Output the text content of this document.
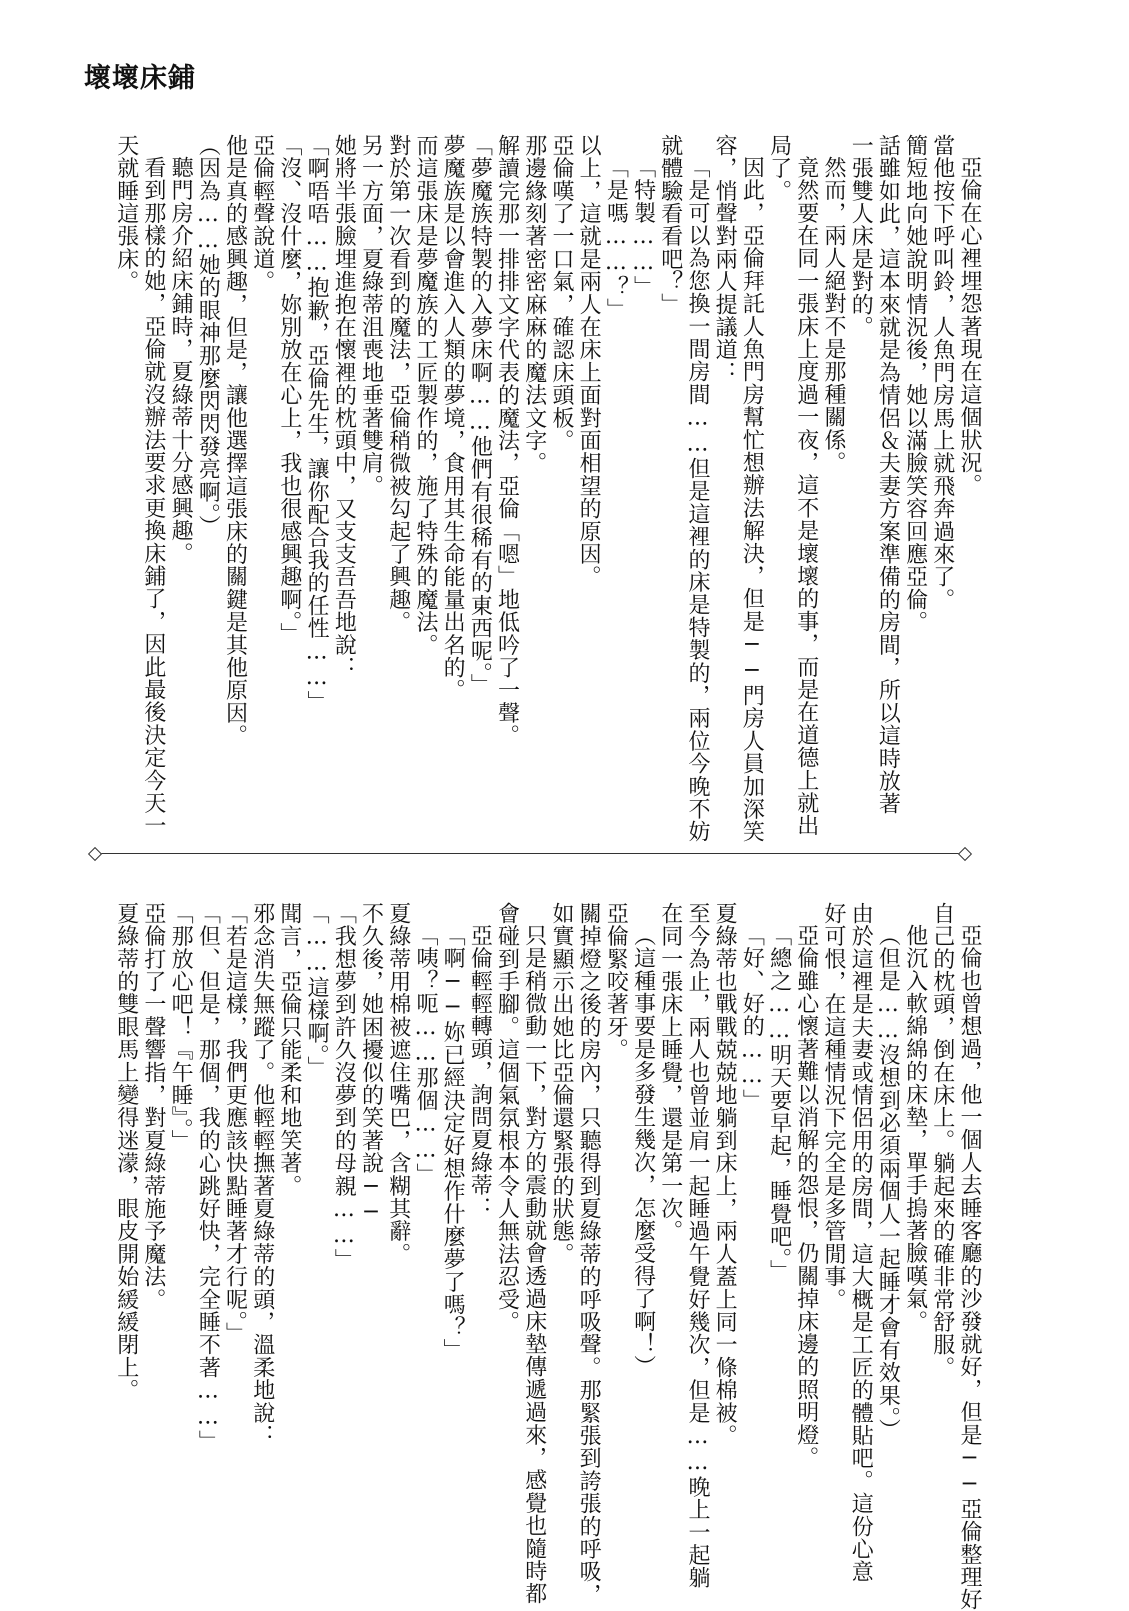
壞壞床鋪

亞倫在心裡埋怨著現在這個狀況。

當他按下呼叫鈴，人魚門房馬上就飛奔過來了。

簡短地向她說明情況後，她以滿臉笑容回應亞倫。

話雖如此，這本來就是為情侶＆夫妻方案準備的房間，所以這時放著

一張雙人床是對的。

然而，兩人絕對不是那種關係。

竟然要在同一張床上度過一夜，這不是壞壞的事，而是在道德上就出

局了。

因此，亞倫拜託人魚門房幫忙想辦法解決，但是──門房人員加深笑

容，悄聲對兩人提議道：

「是可以為您換一間房間……但是這裡的床是特製的，兩位今晚不妨

就體驗看看吧？」

「特製……」

「是嗎……？」

以上，這就是兩人在床上面對面相望的原因。

亞倫嘆了一口氣，確認床頭板。

那邊緣刻著密密麻麻的魔法文字。

解讀完那一排排文字代表的魔法，亞倫「嗯」地低吟了一聲。

「夢魔族特製的入夢床啊……他們有很稀有的東西呢。」

夢魔族是以會進入人類的夢境，食用其生命能量出名的。

而這張床是夢魔族的工匠製作的，施了特殊的魔法。

對於第一次看到的魔法，亞倫稍微被勾起了興趣。

另一方面，夏綠蒂沮喪地垂著雙肩。

她將半張臉埋進抱在懷裡的枕頭中，又支支吾吾地說：

「啊唔唔……抱歉，亞倫先生，讓你配合我的任性……」

「沒、沒什麼，妳別放在心上，我也很感興趣啊。」

亞倫輕聲說道。

他是真的感興趣，但是，讓他選擇這張床的關鍵是其他原因。

（因為……她的眼神那麼閃閃發亮啊。）

聽門房介紹床鋪時，夏綠蒂十分感興趣。

看到那樣的她，亞倫就沒辦法要求更換床鋪了，因此最後決定今天一

天就睡這張床。

亞倫也曾想過，他一個人去睡客廳的沙發就好，但是──亞倫整理好

自己的枕頭，倒在床上。躺起來的確非常舒服。

他沉入軟綿綿的床墊，單手摀著臉嘆氣。

（但是……沒想到必須兩個人一起睡才會有效果。）

由於這裡是夫妻或情侶用的房間，這大概是工匠的體貼吧。這份心意

好可恨，在這種情況下完全是多管閒事。

亞倫雖心懷著難以消解的怨恨，仍關掉床邊的照明燈。

「總之……明天要早起，睡覺吧。」

「好、好的……」

夏綠蒂也戰戰兢兢地躺到床上，兩人蓋上同一條棉被。

至今為止，兩人也曾並肩一起睡過午覺好幾次，但是……晚上一起躺

在同一張床上睡覺，還是第一次。

（這種事要是多發生幾次，怎麼受得了啊！）

亞倫緊咬著牙。

關掉燈之後的房內，只聽得到夏綠蒂的呼吸聲。那緊張到誇張的呼吸，

如實顯示出她比亞倫還緊張的狀態。

只是稍微動一下，對方的震動就會透過床墊傳遞過來，感覺也隨時都

會碰到手腳。這個氣氛根本令人無法忍受。

亞倫輕輕轉頭，詢問夏綠蒂：

「啊──妳已經決定好想作什麼夢了嗎？」

「咦？呃……那個……」

夏綠蒂用棉被遮住嘴巴，含糊其辭。

不久後，她困擾似的笑著說──

「我想夢到許久沒夢到的母親……」

「……這樣啊。」

聞言，亞倫只能柔和地笑著。

邪念消失無蹤了。他輕輕撫著夏綠蒂的頭，溫柔地說：

「若是這樣，我們更應該快點睡著才行呢。」

「但、但是，那個，我的心跳好快，完全睡不著……」

「那放心吧！『午睡』。」

亞倫打了一聲響指，對夏綠蒂施予魔法。

夏綠蒂的雙眼馬上變得迷濛，眼皮開始緩緩閉上。
